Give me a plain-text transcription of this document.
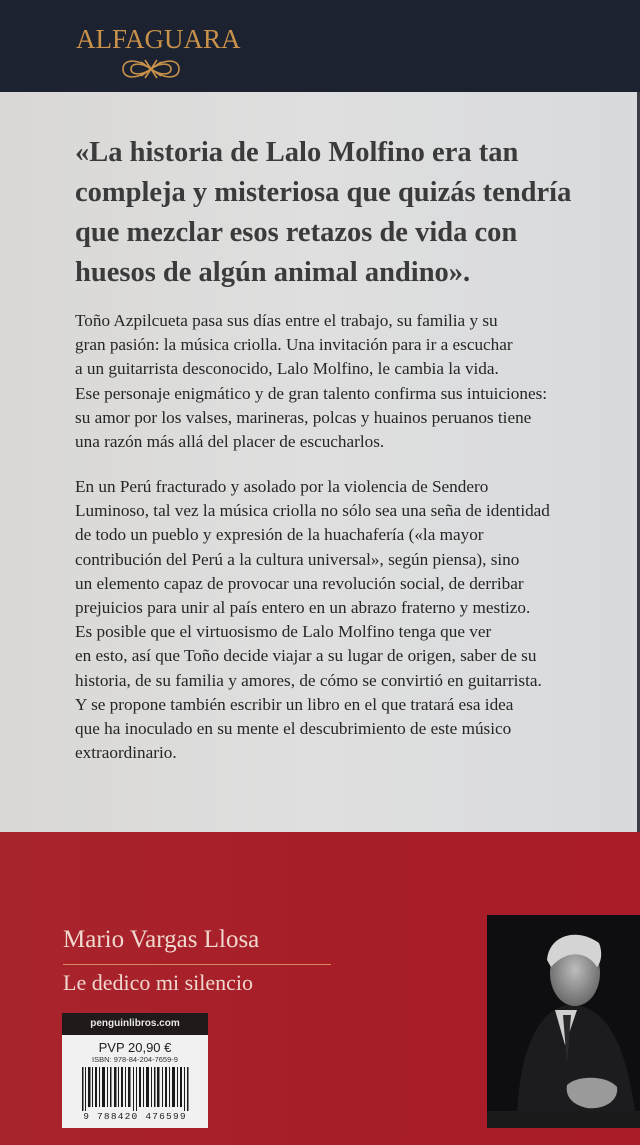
ALFAGUARA
«La historia de Lalo Molfino era tan
compleja y misteriosa que quizás tendría
que mezclar esos retazos de vida con
huesos de algún animal andino».
Toño Azpilcueta pasa sus días entre el trabajo, su familia y su
gran pasión: la música criolla. Una invitación para ir a escuchar
a un guitarrista desconocido, Lalo Molfino, le cambia la vida.
Ese personaje enigmático y de gran talento confirma sus intuiciones:
su amor por los valses, marineras, polcas y huainos peruanos tiene
una razón más allá del placer de escucharlos.
En un Perú fracturado y asolado por la violencia de Sendero
Luminoso, tal vez la música criolla no sólo sea una seña de identidad
de todo un pueblo y expresión de la huachafería («la mayor
contribución del Perú a la cultura universal», según piensa), sino
un elemento capaz de provocar una revolución social, de derribar
prejuicios para unir al país entero en un abrazo fraterno y mestizo.
Es posible que el virtuosismo de Lalo Molfino tenga que ver
en esto, así que Toño decide viajar a su lugar de origen, saber de su
historia, de su familia y amores, de cómo se convirtió en guitarrista.
Y se propone también escribir un libro en el que tratará esa idea
que ha inoculado en su mente el descubrimiento de este músico
extraordinario.
Mario Vargas Llosa
Le dedico mi silencio
penguinlibros.com
PVP 20,90 €
ISBN: 978-84-204-7659-9
9 788420 476599
